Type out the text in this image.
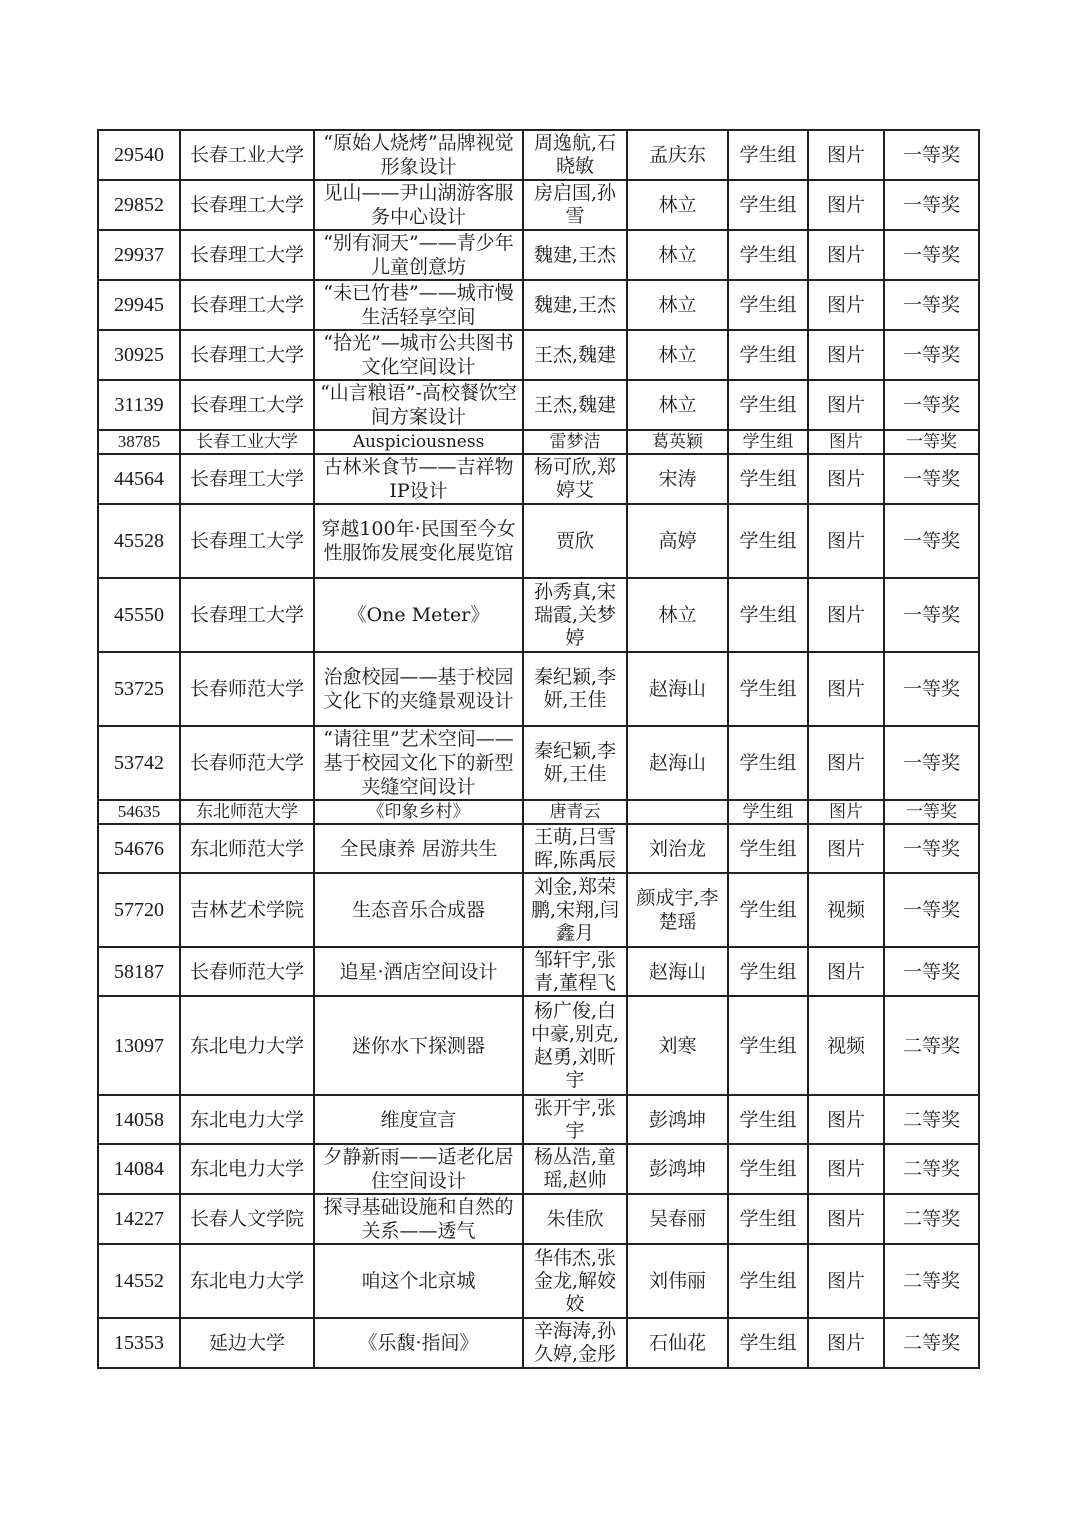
29540	长春工业大学	“原始人烧烤”品牌视觉形象设计	周逸航,石晓敏	孟庆东	学生组	图片	一等奖
29852	长春理工大学	见山——尹山湖游客服务中心设计	房启国,孙雪	林立	学生组	图片	一等奖
29937	长春理工大学	“别有洞天”——青少年儿童创意坊	魏建,王杰	林立	学生组	图片	一等奖
29945	长春理工大学	“未已竹巷”——城市慢生活轻享空间	魏建,王杰	林立	学生组	图片	一等奖
30925	长春理工大学	“拾光”—城市公共图书文化空间设计	王杰,魏建	林立	学生组	图片	一等奖
31139	长春理工大学	“山言粮语”-高校餐饮空间方案设计	王杰,魏建	林立	学生组	图片	一等奖
38785	长春工业大学	Auspiciousness	雷梦洁	葛英颖	学生组	图片	一等奖
44564	长春理工大学	古林米食节——吉祥物IP设计	杨可欣,郑婷艾	宋涛	学生组	图片	一等奖
45528	长春理工大学	穿越100年·民国至今女性服饰发展变化展览馆	贾欣	高婷	学生组	图片	一等奖
45550	长春理工大学	《One Meter》	孙秀真,宋瑞霞,关梦婷	林立	学生组	图片	一等奖
53725	长春师范大学	治愈校园——基于校园文化下的夹缝景观设计	秦纪颖,李妍,王佳	赵海山	学生组	图片	一等奖
53742	长春师范大学	“请往里”艺术空间——基于校园文化下的新型夹缝空间设计	秦纪颖,李妍,王佳	赵海山	学生组	图片	一等奖
54635	东北师范大学	《印象乡村》	唐青云		学生组	图片	一等奖
54676	东北师范大学	全民康养 居游共生	王萌,吕雪晖,陈禹辰	刘治龙	学生组	图片	一等奖
57720	吉林艺术学院	生态音乐合成器	刘金,郑荣鹏,宋翔,闫鑫月	颜成宇,李楚瑶	学生组	视频	一等奖
58187	长春师范大学	追星·酒店空间设计	邹轩宇,张青,董程飞	赵海山	学生组	图片	一等奖
13097	东北电力大学	迷你水下探测器	杨广俊,白中豪,别克,赵勇,刘昕宇	刘寒	学生组	视频	二等奖
14058	东北电力大学	维度宣言	张开宇,张宇	彭鸿坤	学生组	图片	二等奖
14084	东北电力大学	夕静新雨——适老化居住空间设计	杨丛浩,童瑶,赵帅	彭鸿坤	学生组	图片	二等奖
14227	长春人文学院	探寻基础设施和自然的关系——透气	朱佳欣	吴春丽	学生组	图片	二等奖
14552	东北电力大学	咱这个北京城	华伟杰,张金龙,解姣姣	刘伟丽	学生组	图片	二等奖
15353	延边大学	《乐馥·指间》	辛海涛,孙久婷,金彤	石仙花	学生组	图片	二等奖
